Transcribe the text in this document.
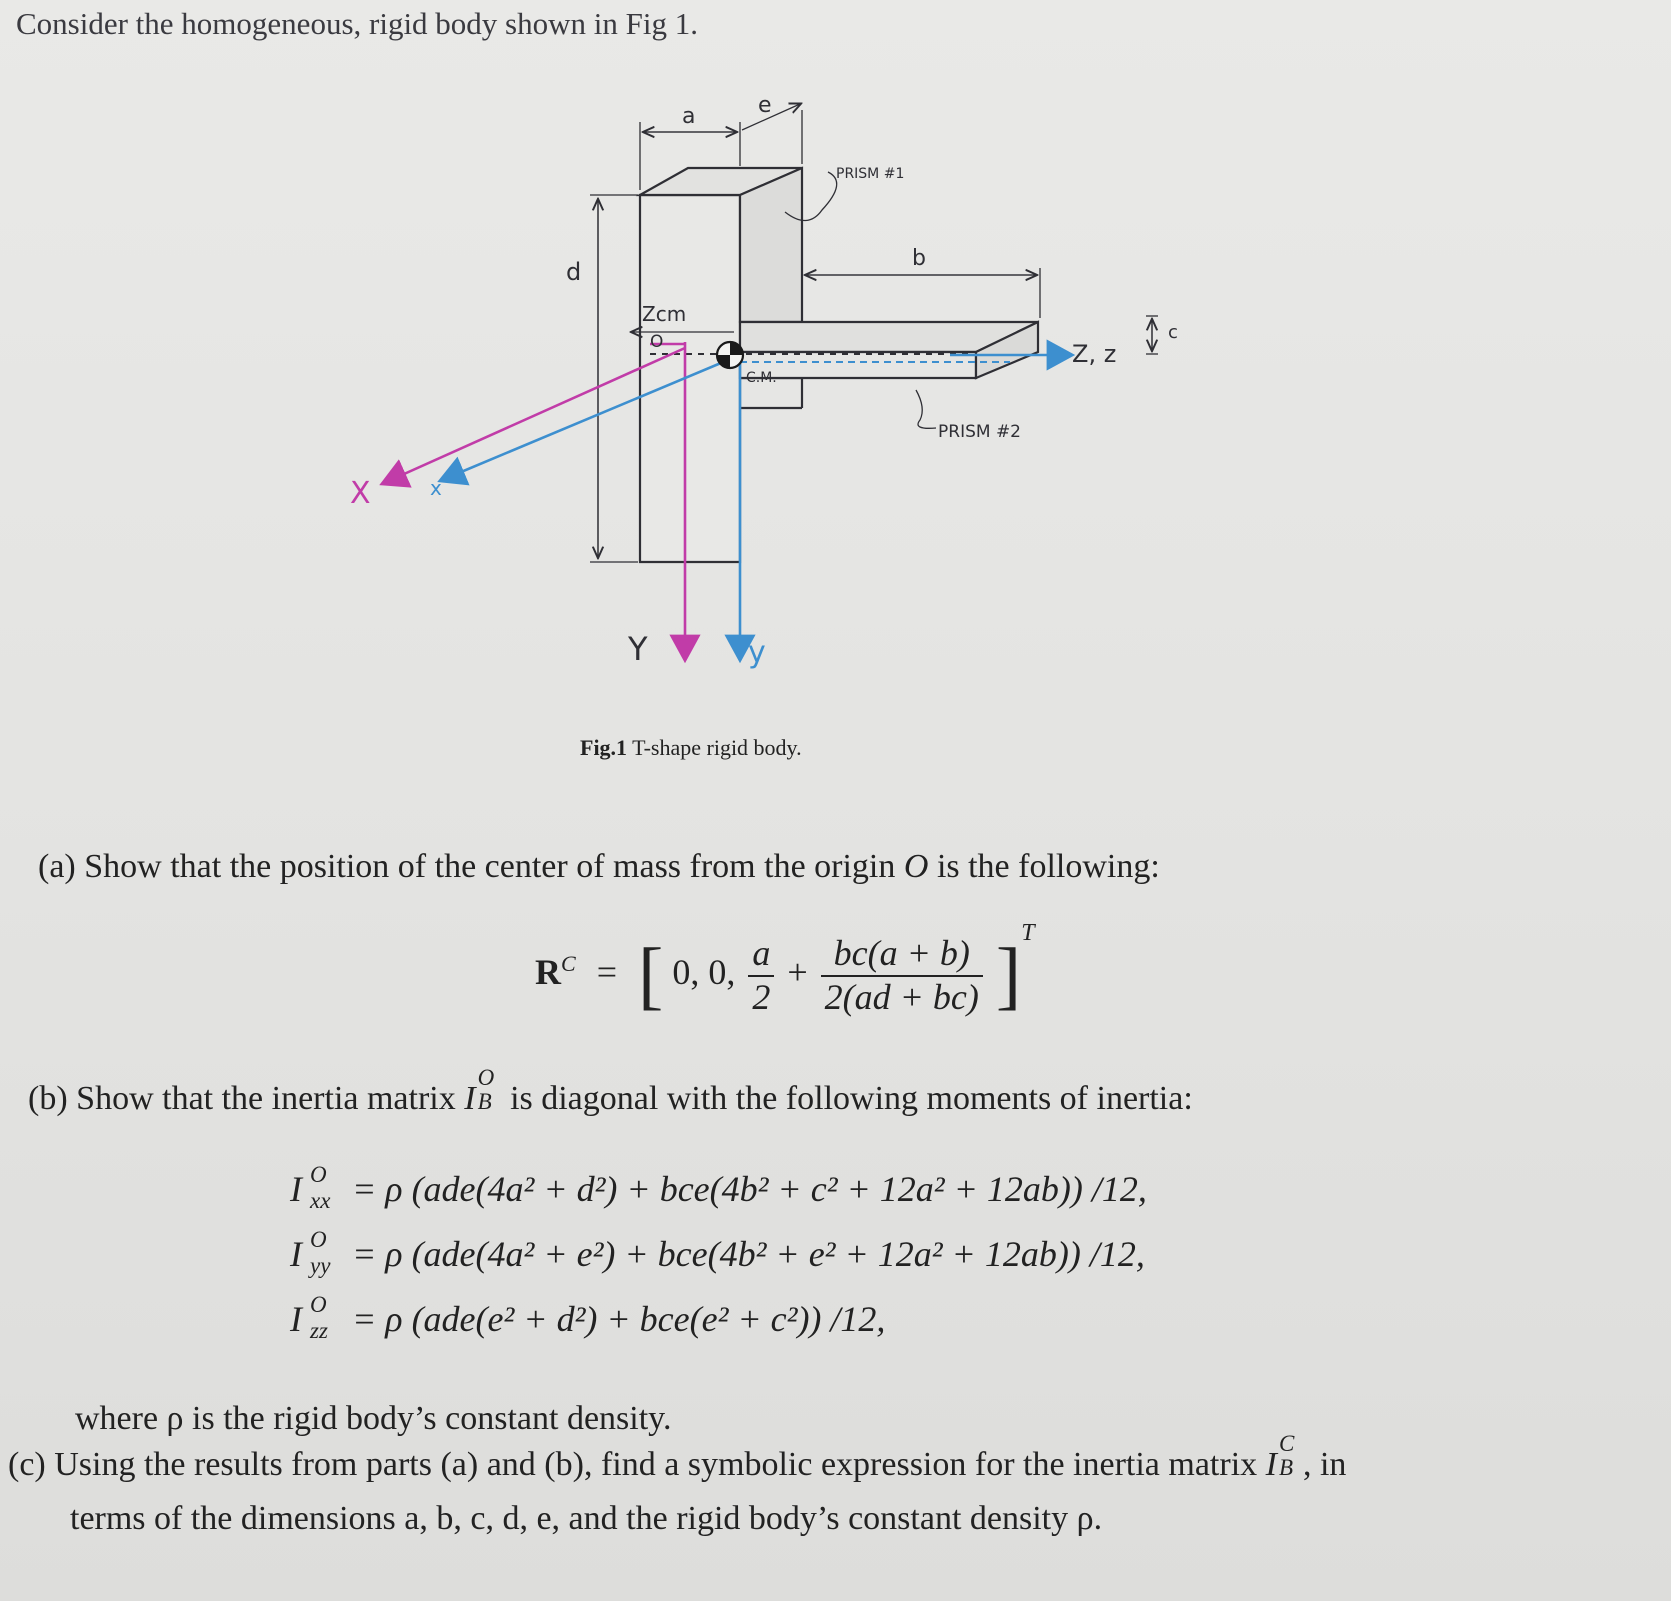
Consider the homogeneous, rigid body shown in Fig 1.
a	e
d	b
c
PRISM #1
PRISM #2
Zcm
O
C.M.
Z, z
X	x
Y	y
Fig.1 T-shape rigid body.
(a) Show that the position of the center of mass from the origin O is the following:
$R^C$ = [ 0, 0, $\frac{a}{2} + \frac{bc(a + b)}{2(ad + bc)} ]^T$
(b) Show that the inertia matrix I
O
B is diagonal with the following moments of inertia:
I O
xx = ρ (ade(4a² + d²) + bce(4b² + c² + 12a² + 12ab)) /12,
I O
yy = ρ (ade(4a² + e²) + bce(4b² + e² + 12a² + 12ab)) /12,
I O
zz = ρ (ade(e² + d²) + bce(e² + c²)) /12,
where ρ is the rigid body’s constant density.
(c) Using the results from parts (a) and (b), find a symbolic expression for the inertia matrix I
C
B , in
terms of the dimensions a, b, c, d, e, and the rigid body’s constant density ρ.
